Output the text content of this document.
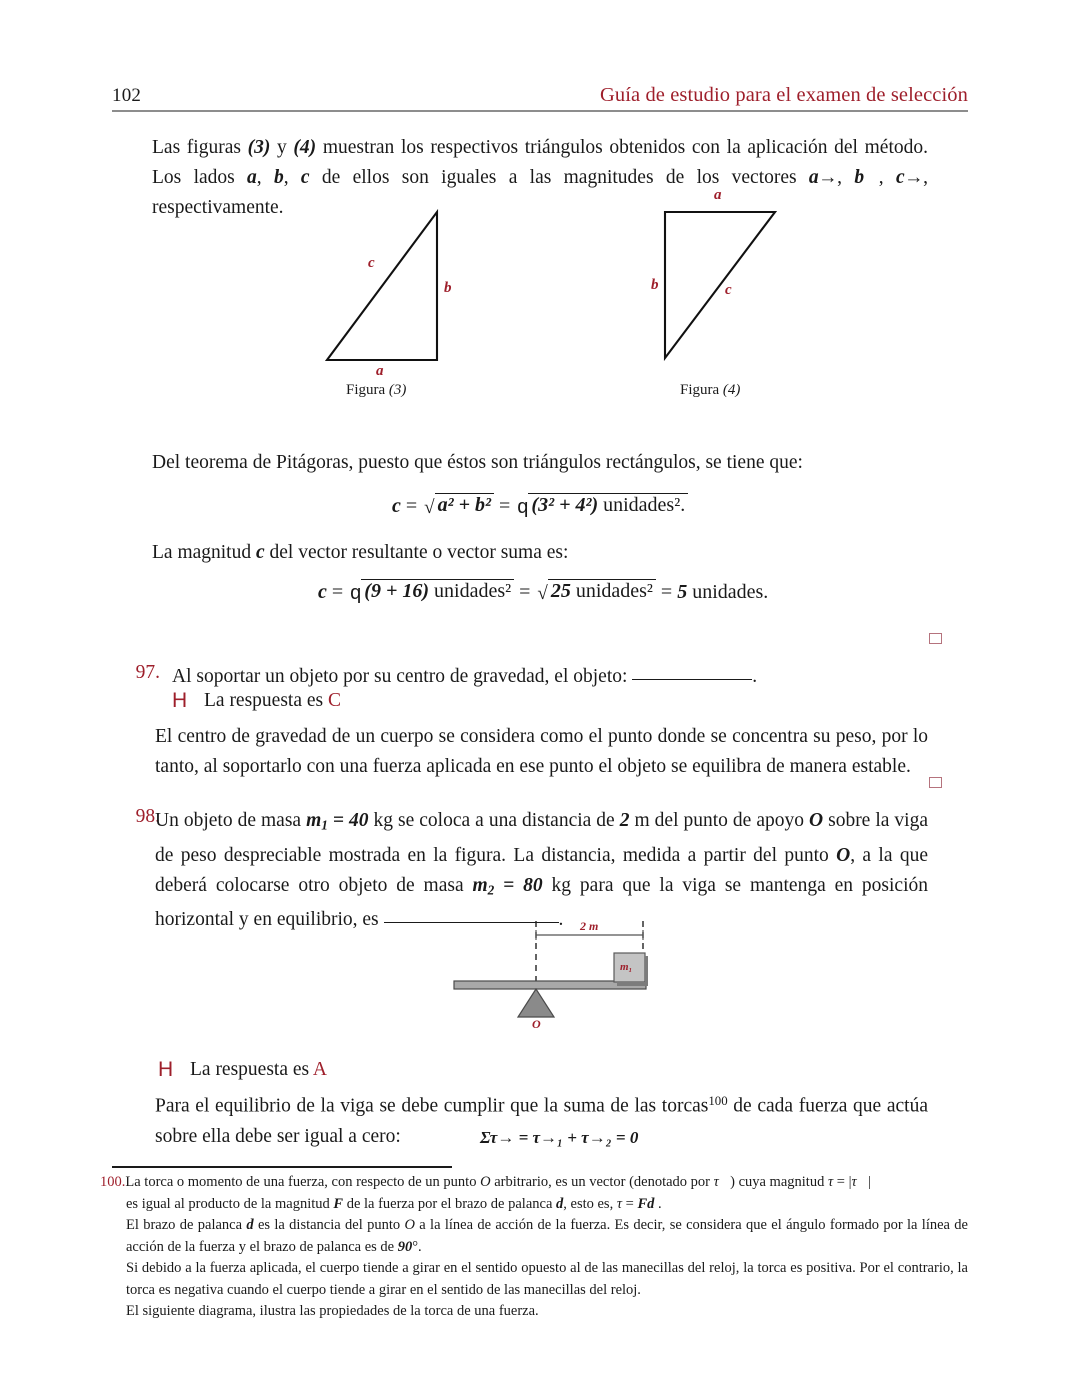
102	Guía de estudio para el examen de selección

Las figuras (3) y (4) muestran los respectivos triángulos obtenidos con la aplicación del método. Los lados a, b, c de ellos son iguales a las magnitudes de los vectores a→, b⃗, c→, respectivamente.

c
b
a
Figura (3)
a
b	c
Figura (4)

Del teorema de Pitágoras, puesto que éstos son triángulos rectángulos, se tiene que:

c = √ a² + b² = q (3² + 4²) unidades².

La magnitud c del vector resultante o vector suma es:

c = q (9 + 16) unidades² = √ 25 unidades² = 5 unidades.
97. Al soportar un objeto por su centro de gravedad, el objeto:	.

H La respuesta es C

El centro de gravedad de un cuerpo se considera como el punto donde se concentra su peso, por lo tanto, al soportarlo con una fuerza aplicada en ese punto el objeto se equilibra de manera estable.

98.

Un objeto de masa $m_1 = 40$ kg se coloca a una distancia de 2 m del punto de apoyo O sobre la viga de peso despreciable mostrada en la figura. La distancia, medida a partir del punto O, a la que deberá colocarse otro objeto de masa $m_2 = 80$ kg para que la viga se mantenga en posición horizontal y en equilibrio, es	.	2 m
m₁
O
H La respuesta es A

Para el equilibrio de la viga se debe cumplir que la suma de las torcas$^{100}$ de cada fuerza que actúa sobre ella debe ser igual a cero:	Στ→ = τ→₁ + τ→₂ = 0
100.La torca o momento de una fuerza, con respecto de un punto O arbitrario, es un vector (denotado por τ⃗) cuya magnitud τ = |τ⃗|
es igual al producto de la magnitud F de la fuerza por el brazo de palanca d, esto es, τ = Fd .
El brazo de palanca d es la distancia del punto O a la línea de acción de la fuerza. Es decir, se considera que el ángulo formado por la línea de acción de la fuerza y el brazo de palanca es de 90°.
Si debido a la fuerza aplicada, el cuerpo tiende a girar en el sentido opuesto al de las manecillas del reloj, la torca es positiva. Por el contrario, la torca es negativa cuando el cuerpo tiende a girar en el sentido de las manecillas del reloj.
El siguiente diagrama, ilustra las propiedades de la torca de una fuerza.
